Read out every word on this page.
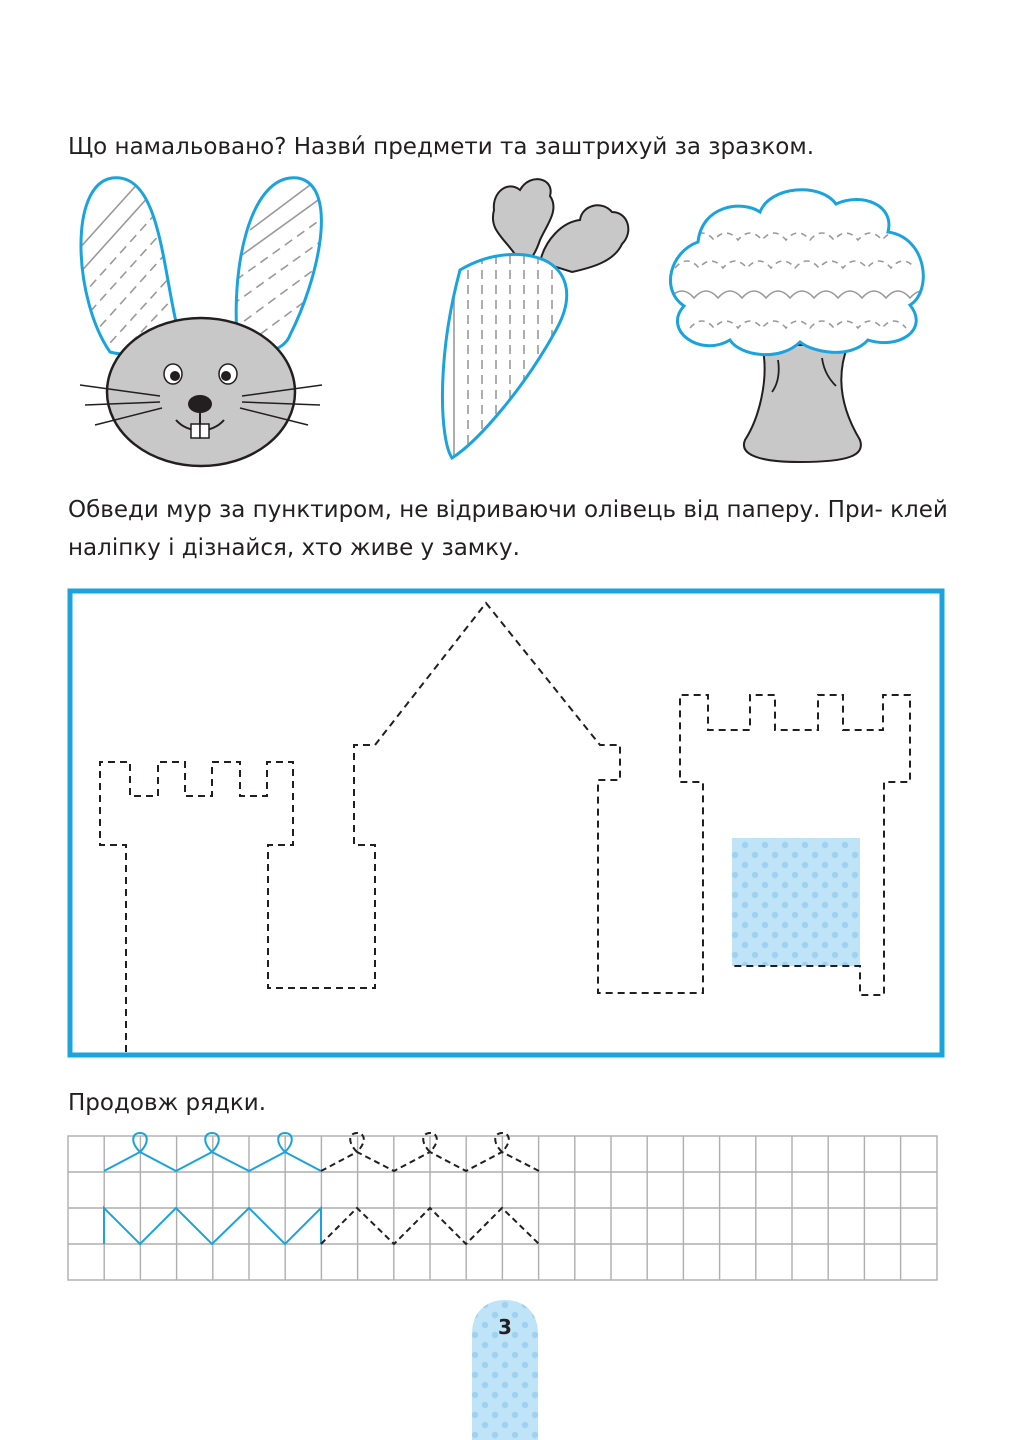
Що намальовано? Назви́ предмети та заштрихуй за зразком.

Обведи мур за пунктиром, не відриваючи олівець від паперу. При- клей наліпку і дізнайся, хто живе у замку.

Продовж рядки.

3
